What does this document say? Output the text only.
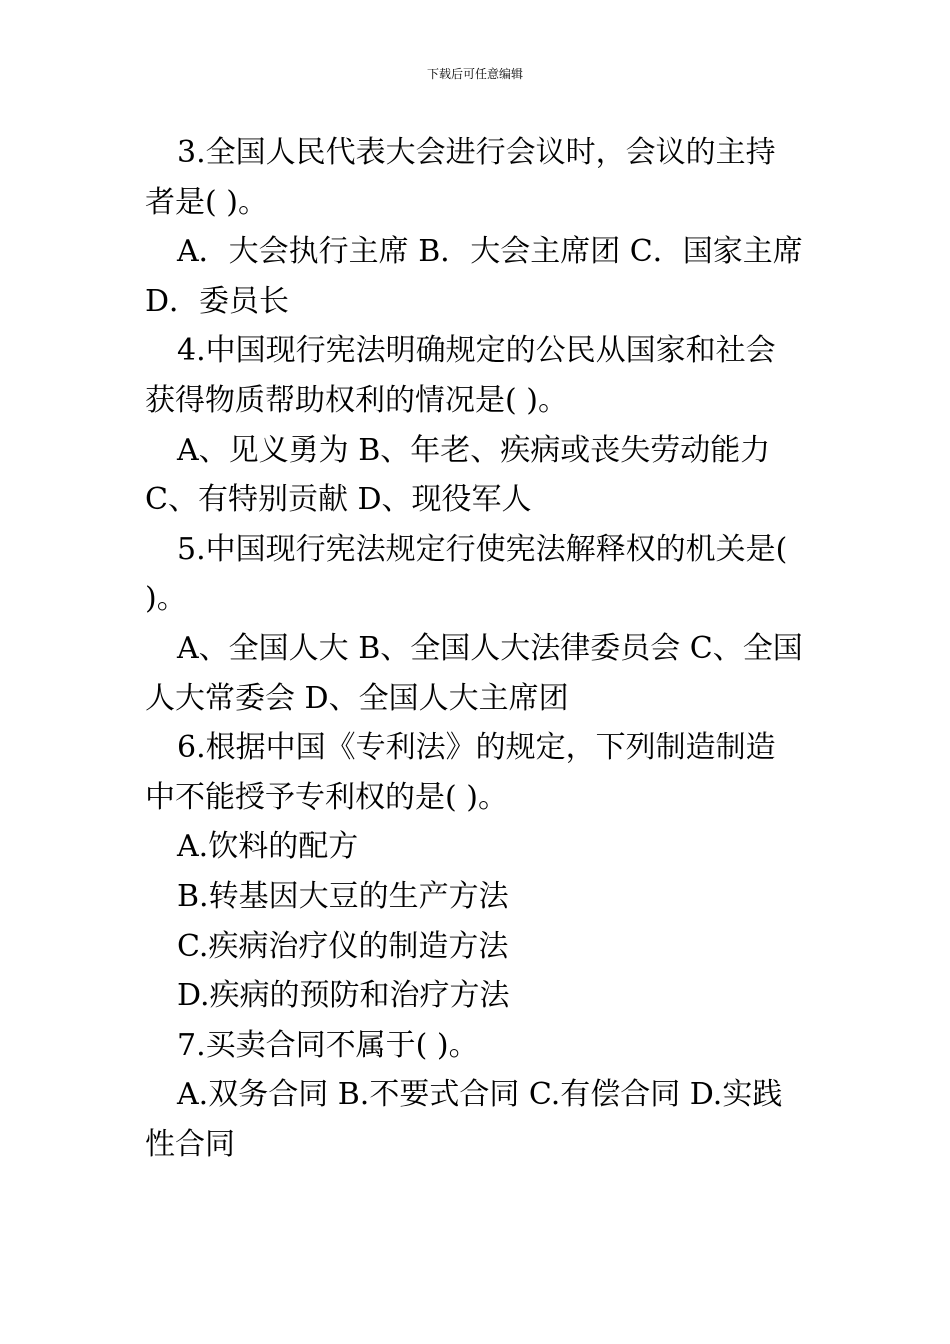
下载后可任意编辑

3.全国人民代表大会进行会议时，会议的主持者是( )。

A．大会执行主席 B．大会主席团 C．国家主席 D．委员长

4.中国现行宪法明确规定的公民从国家和社会获得物质帮助权利的情况是( )。

A、见义勇为 B、年老、疾病或丧失劳动能力 C、有特别贡献 D、现役军人

5.中国现行宪法规定行使宪法解释权的机关是( )。

A、全国人大 B、全国人大法律委员会 C、全国人大常委会 D、全国人大主席团

6.根据中国《专利法》的规定，下列制造制造中不能授予专利权的是( )。

A.饮料的配方

B.转基因大豆的生产方法

C.疾病治疗仪的制造方法

D.疾病的预防和治疗方法

7.买卖合同不属于( )。

A.双务合同 B.不要式合同 C.有偿合同 D.实践性合同
